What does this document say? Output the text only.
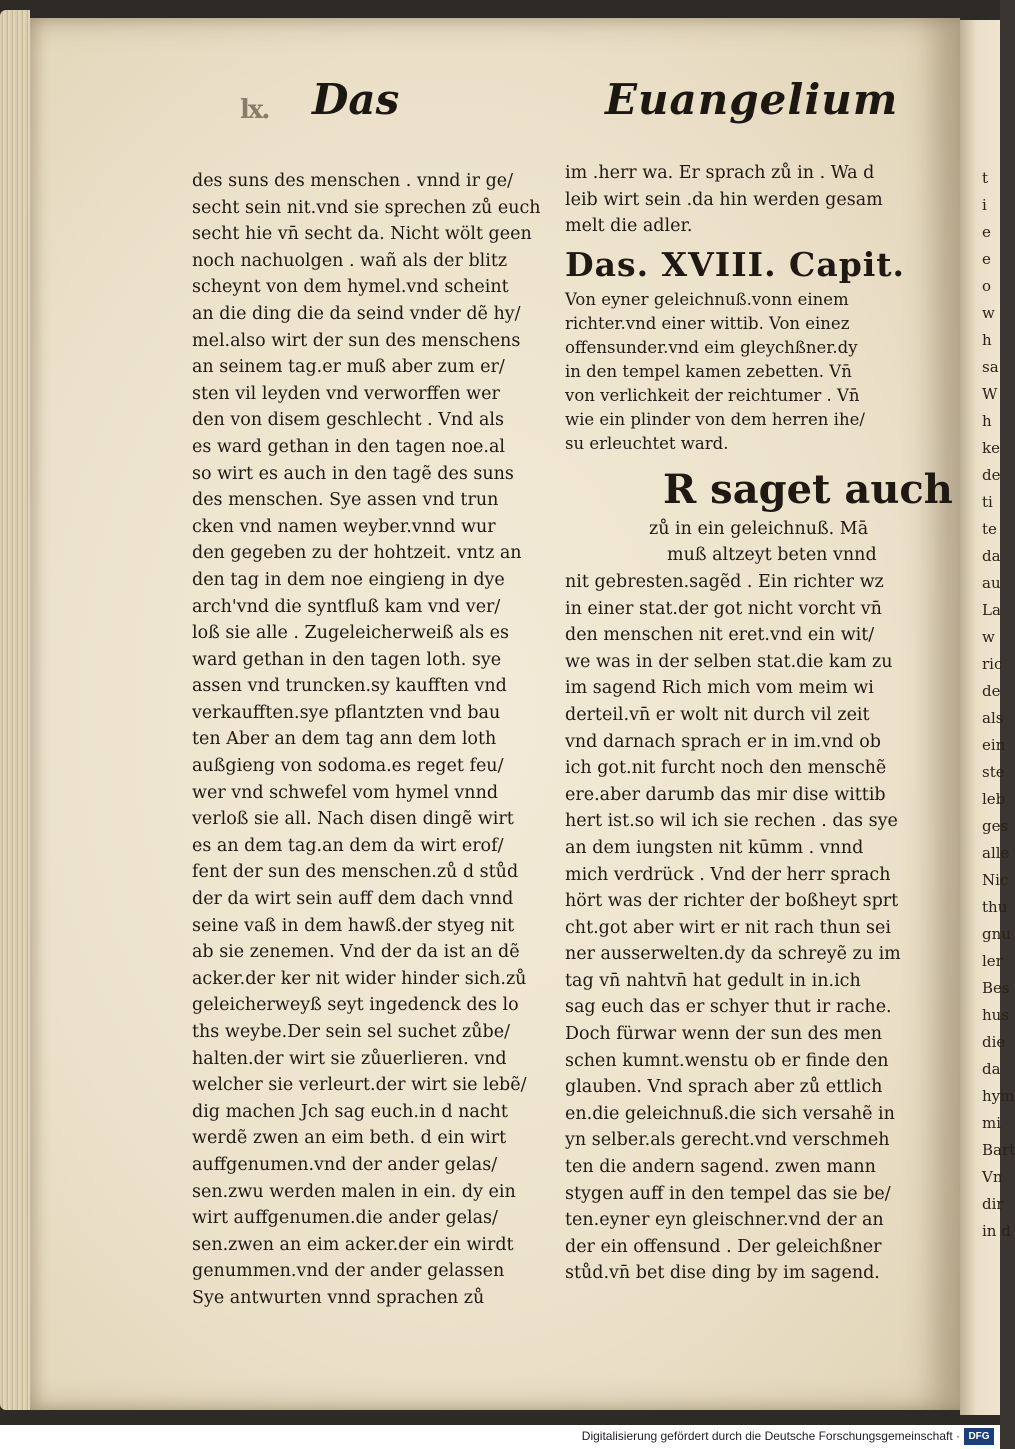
t
i
e
e
o
w
h
sa
W
h
ke
de
ti
te
da
au
La
w
ric
de
als
ein
ste
leb
ges
alle
Nic
thu
gnu
ler
Bes
hus
die
da
hym
mi
Bart
Vn
dir
in d
lx. Das	Euangelium
des suns des menschen . vnnd ir ge/
secht sein nit.vnd sie sprechen zů euch
secht hie vn̄ secht da. Nicht wölt geen
noch nachuolgen . wañ als der blitz
scheynt von dem hymel.vnd scheint
an die ding die da seind vnder dẽ hy/
mel.also wirt der sun des menschens
an seinem tag.er muß aber zum er/
sten vil leyden vnd verworffen wer
den von disem geschlecht . Vnd als
es ward gethan in den tagen noe.al
so wirt es auch in den tagẽ des suns
des menschen. Sye assen vnd trun
cken vnd namen weyber.vnnd wur
den gegeben zu der hohtzeit. vntz an
den tag in dem noe eingieng in dye
arch'vnd die syntfluß kam vnd ver/
loß sie alle . Zugeleicherweiß als es
ward gethan in den tagen loth. sye
assen vnd truncken.sy kaufften vnd
verkaufften.sye pflantzten vnd bau
ten Aber an dem tag ann dem loth
außgieng von sodoma.es reget feu/
wer vnd schwefel vom hymel vnnd
verloß sie all. Nach disen dingẽ wirt
es an dem tag.an dem da wirt erof/
fent der sun des menschen.zů d stůd
der da wirt sein auff dem dach vnnd
seine vaß in dem hawß.der styeg nit
ab sie zenemen. Vnd der da ist an dẽ
acker.der ker nit wider hinder sich.zů
geleicherweyß seyt ingedenck des lo
ths weybe.Der sein sel suchet zůbe/
halten.der wirt sie zůuerlieren. vnd
welcher sie verleurt.der wirt sie lebẽ/
dig machen Jch sag euch.in d nacht
werdẽ zwen an eim beth. d ein wirt
auffgenumen.vnd der ander gelas/
sen.zwu werden malen in ein. dy ein
wirt auffgenumen.die ander gelas/
sen.zwen an eim acker.der ein wirdt
genummen.vnd der ander gelassen
Sye antwurten vnnd sprachen zů
im .herr wa. Er sprach zů in . Wa d
leib wirt sein .da hin werden gesam
melt die adler.
Das. XVIII. Capit.
Von eyner geleichnuß.vonn einem
richter.vnd einer wittib. Von einez
offensunder.vnd eim gleychßner.dy
in den tempel kamen zebetten. Vn̄
von verlichkeit der reichtumer . Vn̄
wie ein plinder von dem herren ihe/
su erleuchtet ward.
R saget auch
zů in ein geleichnuß. Mā
muß altzeyt beten vnnd
nit gebresten.sagẽd . Ein richter wz
in einer stat.der got nicht vorcht vn̄
den menschen nit eret.vnd ein wit/
we was in der selben stat.die kam zu
im sagend Rich mich vom meim wi
derteil.vn̄ er wolt nit durch vil zeit
vnd darnach sprach er in im.vnd ob
ich got.nit furcht noch den menschẽ
ere.aber darumb das mir dise wittib
hert ist.so wil ich sie rechen . das sye
an dem iungsten nit kūmm . vnnd
mich verdrück . Vnd der herr sprach
hört was der richter der boßheyt sprt
cht.got aber wirt er nit rach thun sei
ner ausserwelten.dy da schreyẽ zu im
tag vn̄ nahtvn̄ hat gedult in in.ich
sag euch das er schyer thut ir rache.
Doch fürwar wenn der sun des men
schen kumnt.wenstu ob er finde den
glauben. Vnd sprach aber zů ettlich
en.die geleichnuß.die sich versahẽ in
yn selber.als gerecht.vnd verschmeh
ten die andern sagend. zwen mann
stygen auff in den tempel das sie be/
ten.eyner eyn gleischner.vnd der an
der ein offensund . Der geleichßner
stůd.vn̄ bet dise ding by im sagend.
Digitalisierung gefördert durch die Deutsche Forschungsgemeinschaft · DFG
